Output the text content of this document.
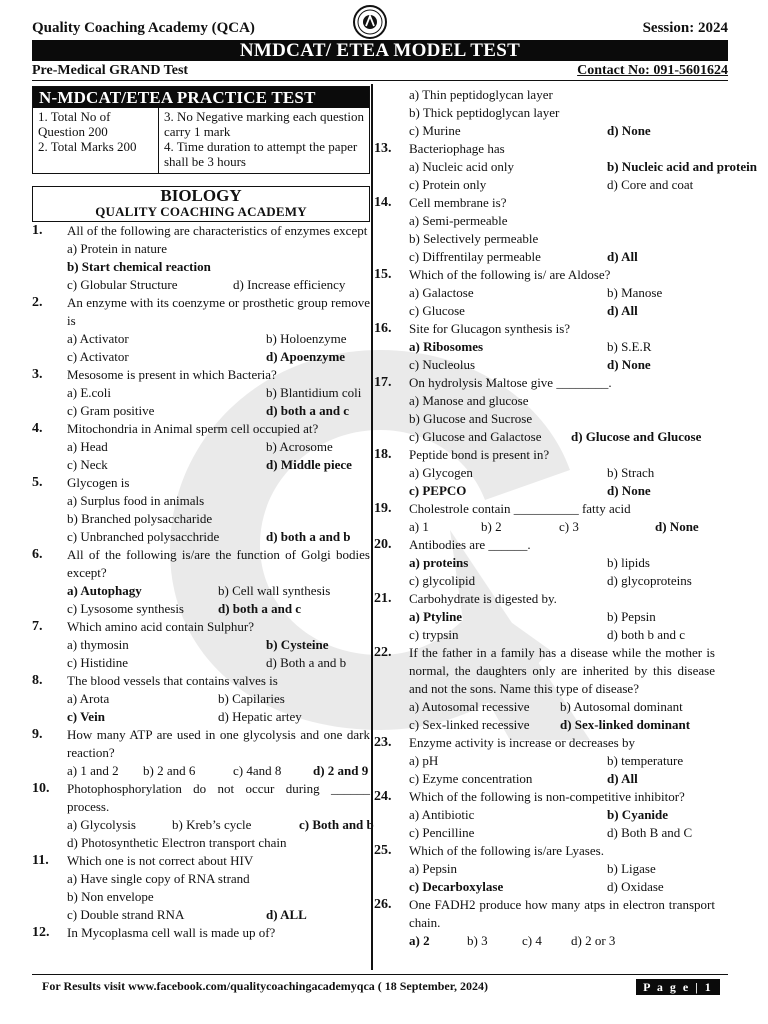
Quality Coaching Academy (QCA)	Session: 2024
NMDCAT/ ETEA MODEL TEST
Pre-Medical GRAND Test	Contact No: 091-5601624
N-MDCAT/ETEA PRACTICE TEST
1. Total No of Question 200
2. Total Marks 200
3. No Negative marking each question carry 1 mark
4. Time duration to attempt the paper shall be 3 hours
BIOLOGY
QUALITY COACHING ACADEMY
1. All of the following are characteristics of enzymes except
a) Protein in nature
b) Start chemical reaction
c) Globular Structure	d) Increase efficiency
2. An enzyme with its coenzyme or prosthetic group remove is
a) Activator	b) Holoenzyme
c) Activator	d) Apoenzyme
3. Mesosome is present in which Bacteria?
a) E.coli	b) Blantidium coli
c) Gram positive	d) both a and c
4. Mitochondria in Animal sperm cell occupied at?
a) Head	b) Acrosome
c) Neck	d) Middle piece
5. Glycogen is
a) Surplus food in animals
b) Branched polysaccharide
c) Unbranched polysacchride	d) both a and b
6. All of the following is/are the function of Golgi bodies except?
a) Autophagy	b) Cell wall synthesis
c) Lysosome synthesis	d) both a and c
7. Which amino acid contain Sulphur?
a) thymosin	b) Cysteine
c) Histidine	d) Both a and b
8. The blood vessels that contains valves is
a) Arota	b) Capilaries
c) Vein	d) Hepatic artey
9. How many ATP are used in one glycolysis and one dark reaction?
a) 1 and 2 b) 2 and 6	c) 4and 8 d) 2 and 9
10. Photophosphorylation do not occur during ______ process.
a) Glycolysis	b) Kreb’s cycle	c) Both and b
d) Photosynthetic Electron transport chain
11. Which one is not correct about HIV
a) Have single copy of RNA strand
b) Non envelope
c) Double strand RNA	d) ALL
12. In Mycoplasma cell wall is made up of?
a) Thin peptidoglycan layer
b) Thick peptidoglycan layer
c) Murine	d) None
13. Bacteriophage has
a) Nucleic acid only	b) Nucleic acid and protein
c) Protein only	d) Core and coat
14. Cell membrane is?
a) Semi-permeable
b) Selectively permeable
c) Diffrentilay permeable	d) All
15. Which of the following is/ are Aldose?
a) Galactose	b) Manose
c) Glucose	d) All
16. Site for Glucagon synthesis is?
a) Ribosomes	b) S.E.R
c) Nucleolus	d) None
17. On hydrolysis Maltose give ________.
a) Manose and glucose
b) Glucose and Sucrose
c) Glucose and Galactose d) Glucose and Glucose
18. Peptide bond is present in?
a) Glycogen	b) Strach
c) PEPCO	d) None
19. Cholestrole contain __________ fatty acid
a) 1	b) 2	c) 3	d) None
20. Antibodies are ______.
a) proteins	b) lipids
c) glycolipid	d) glycoproteins
21. Carbohydrate is digested by.
a) Ptyline	b) Pepsin
c) trypsin	d) both b and c
22. If the father in a family has a disease while the mother is normal, the daughters only are inherited by this disease and not the sons. Name this type of disease?
a) Autosomal recessive b) Autosomal dominant
c) Sex-linked recessive d) Sex-linked dominant
23. Enzyme activity is increase or decreases by
a) pH	b) temperature
c) Ezyme concentration	d) All
24. Which of the following is non-competitive inhibitor?
a) Antibiotic	b) Cyanide
c) Pencilline	d) Both B and C
25. Which of the following is/are Lyases.
a) Pepsin	b) Ligase
c) Decarboxylase	d) Oxidase
26. One FADH2 produce how many atps in electron transport chain.
a) 2	b) 3	c) 4 d) 2 or 3
For Results visit www.facebook.com/qualitycoachingacademyqca ( 18 September, 2024)	P a g e | 1
